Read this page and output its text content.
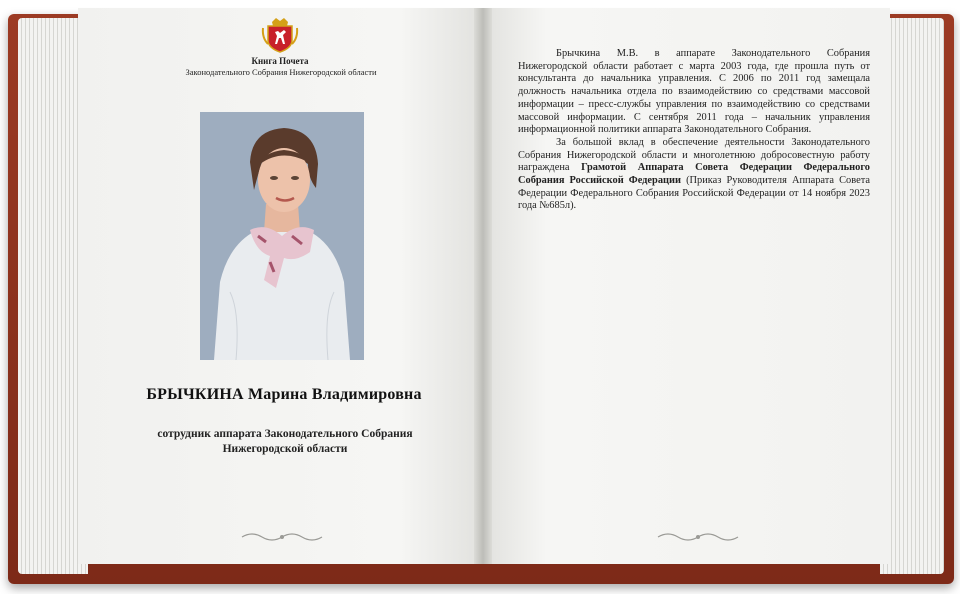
Книга Почета
Законодательного Собрания Нижегородской области
БРЫЧКИНА Марина Владимировна
сотрудник аппарата Законодательного Собрания
Нижегородской области

Брычкина М.В. в аппарате Законодательного Собрания Нижегородской области работает с марта 2003 года, где прошла путь от консультанта до начальника управления. С 2006 по 2011 год замещала должность начальника отдела по взаимодействию со средствами массовой информации – пресс-службы управления по взаимодействию со средствами массовой информации. С сентября 2011 года – начальник управления информационной политики аппарата Законодательного Собрания.

За большой вклад в обеспечение деятельности Законодательного Собрания Нижегородской области и многолетнюю добросовестную работу награждена Грамотой Аппарата Совета Федерации Федерального Собрания Российской Федерации (Приказ Руководителя Аппарата Совета Федерации Федерального Собрания Российской Федерации от 14 ноября 2023 года №685л).
